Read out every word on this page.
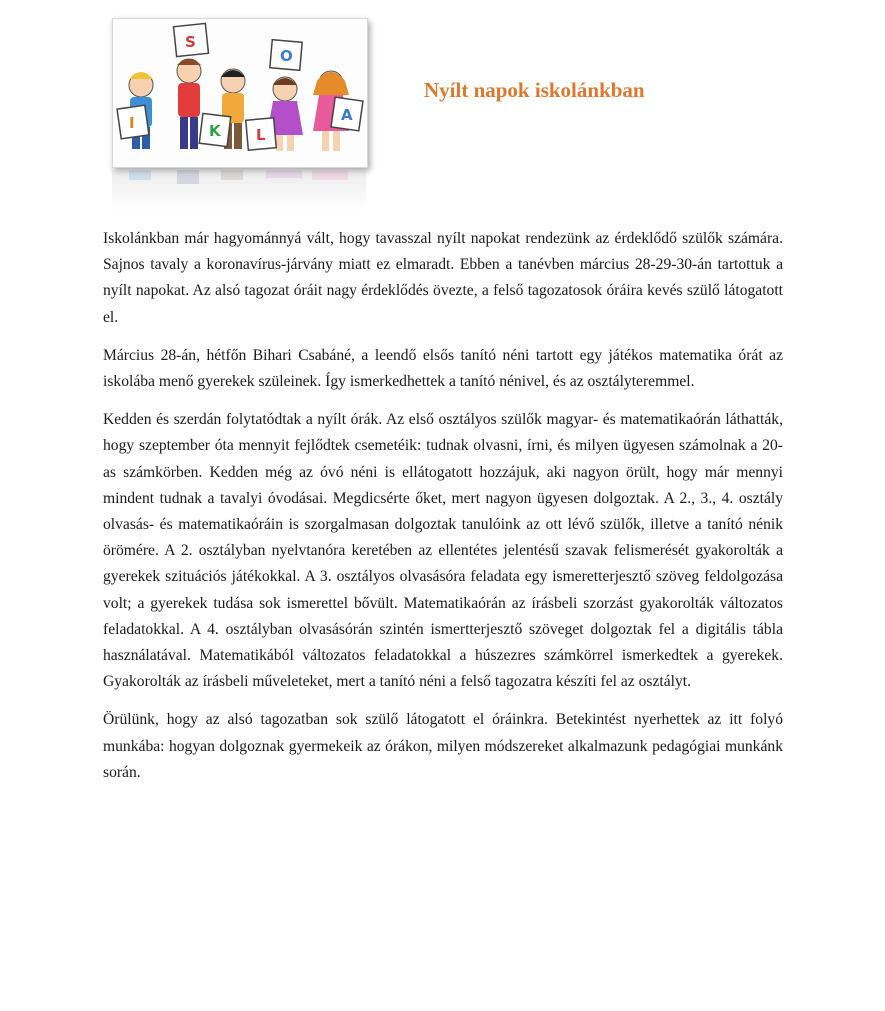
S
O
I	K L
A
Nyílt napok iskolánkban

Iskolánkban már hagyománnyá vált, hogy tavasszal nyílt napokat rendezünk az érdeklődő szülők számára. Sajnos tavaly a koronavírus-járvány miatt ez elmaradt. Ebben a tanévben március 28-29-30-án tartottuk a nyílt napokat. Az alsó tagozat óráit nagy érdeklődés övezte, a felső tagozatosok óráira kevés szülő látogatott el.

Március 28-án, hétfőn Bihari Csabáné, a leendő elsős tanító néni tartott egy játékos matematika órát az iskolába menő gyerekek szüleinek. Így ismerkedhettek a tanító nénivel, és az osztályteremmel.

Kedden és szerdán folytatódtak a nyílt órák. Az első osztályos szülők magyar- és matematikaórán láthatták, hogy szeptember óta mennyit fejlődtek csemetéik: tudnak olvasni, írni, és milyen ügyesen számolnak a 20-as számkörben. Kedden még az óvó néni is ellátogatott hozzájuk, aki nagyon örült, hogy már mennyi mindent tudnak a tavalyi óvodásai. Megdicsérte őket, mert nagyon ügyesen dolgoztak. A 2., 3., 4. osztály olvasás- és matematikaóráin is szorgalmasan dolgoztak tanulóink az ott lévő szülők, illetve a tanító nénik örömére. A 2. osztályban nyelvtanóra keretében az ellentétes jelentésű szavak felismerését gyakorolták a gyerekek szituációs játékokkal. A 3. osztályos olvasásóra feladata egy ismeretterjesztő szöveg feldolgozása volt; a gyerekek tudása sok ismerettel bővült. Matematikaórán az írásbeli szorzást gyakorolták változatos feladatokkal. A 4. osztályban olvasásórán szintén ismertterjesztő szöveget dolgoztak fel a digitális tábla használatával. Matematikából változatos feladatokkal a húszezres számkörrel ismerkedtek a gyerekek. Gyakorolták az írásbeli műveleteket, mert a tanító néni a felső tagozatra készíti fel az osztályt.

Örülünk, hogy az alsó tagozatban sok szülő látogatott el óráinkra. Betekintést nyerhettek az itt folyó munkába: hogyan dolgoznak gyermekeik az órákon, milyen módszereket alkalmazunk pedagógiai munkánk során.
